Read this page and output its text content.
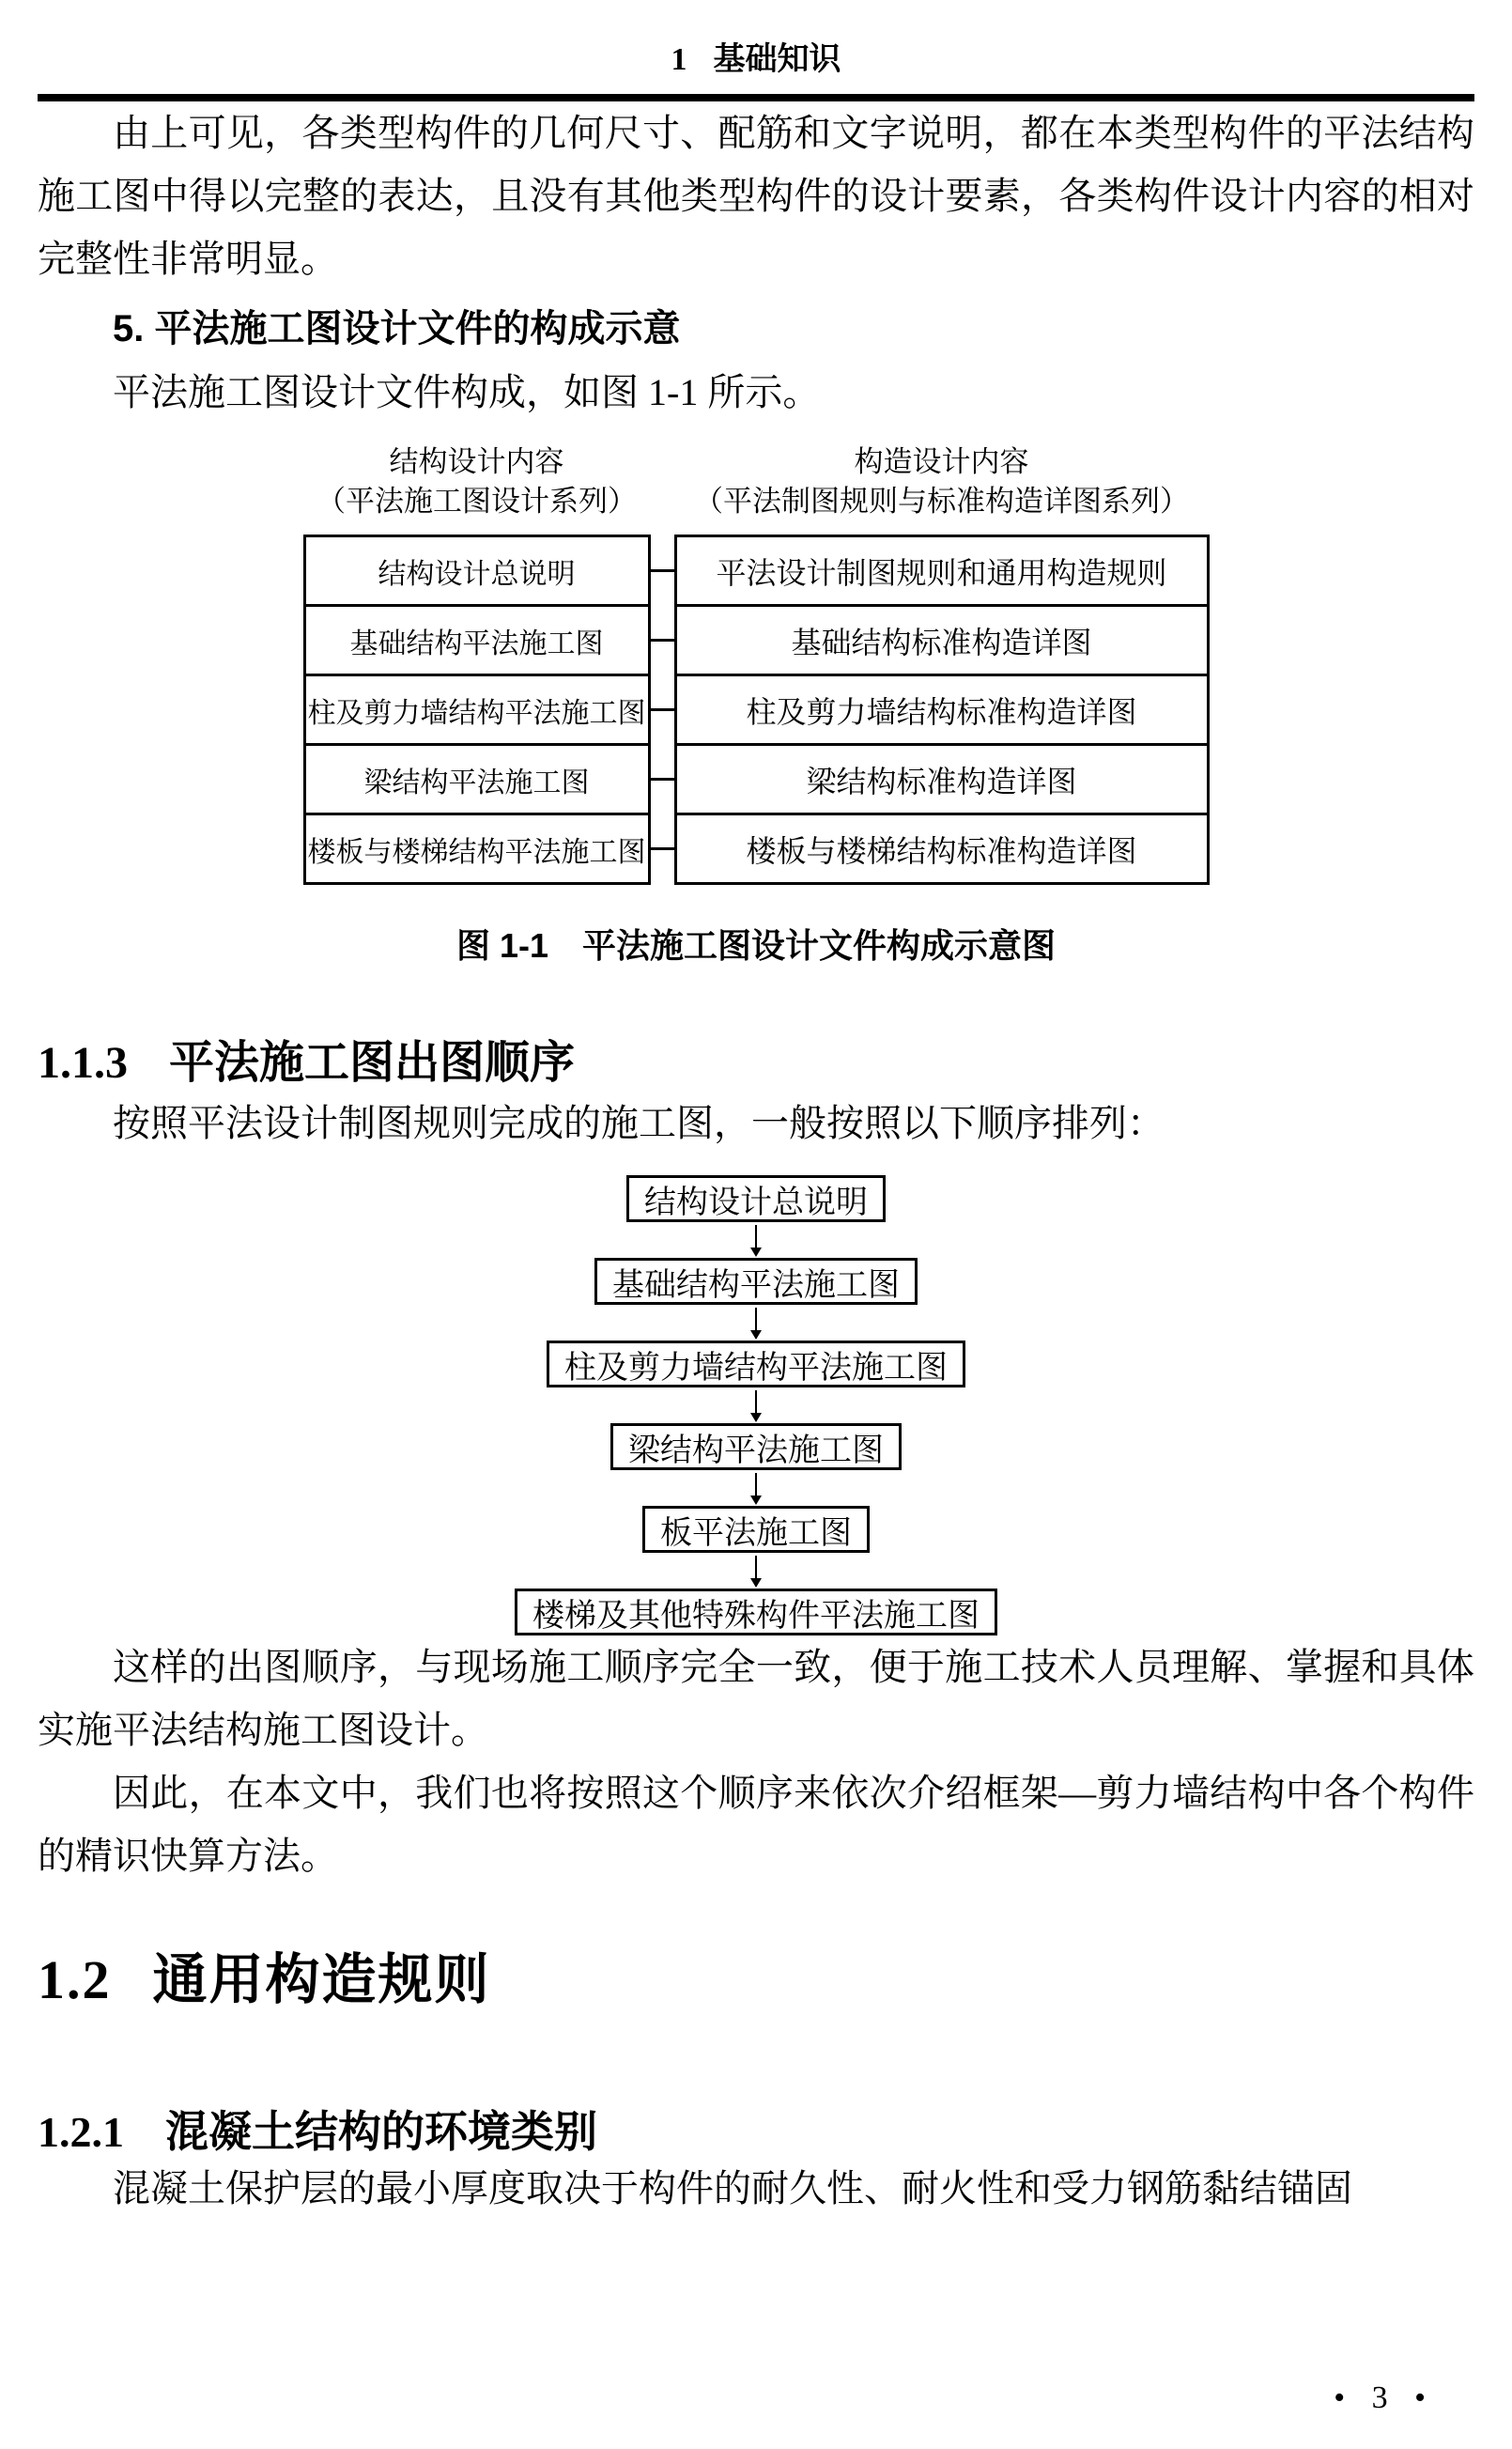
1 基础知识

由上可见，各类型构件的几何尺寸、配筋和文字说明，都在本类型构件的平法结构施工图中得以完整的表达，且没有其他类型构件的设计要素，各类构件设计内容的相对完整性非常明显。

5. 平法施工图设计文件的构成示意

平法施工图设计文件构成，如图 1-1 所示。

结构设计内容
（平法施工图设计系列）
构造设计内容
（平法制图规则与标准构造详图系列）
结构设计总说明	平法设计制图规则和通用构造规则
基础结构平法施工图	基础结构标准构造详图
柱及剪力墙结构平法施工图	柱及剪力墙结构标准构造详图
梁结构平法施工图	梁结构标准构造详图
楼板与楼梯结构平法施工图	楼板与楼梯结构标准构造详图
图 1-1　平法施工图设计文件构成示意图
1.1.3 平法施工图出图顺序

按照平法设计制图规则完成的施工图，一般按照以下顺序排列：

结构设计总说明
基础结构平法施工图
柱及剪力墙结构平法施工图
梁结构平法施工图
板平法施工图
楼梯及其他特殊构件平法施工图

这样的出图顺序，与现场施工顺序完全一致，便于施工技术人员理解、掌握和具体实施平法结构施工图设计。

因此，在本文中，我们也将按照这个顺序来依次介绍框架—剪力墙结构中各个构件的精识快算方法。

1.2 通用构造规则
1.2.1 混凝土结构的环境类别

混凝土保护层的最小厚度取决于构件的耐久性、耐火性和受力钢筋黏结锚固

• 3 •
